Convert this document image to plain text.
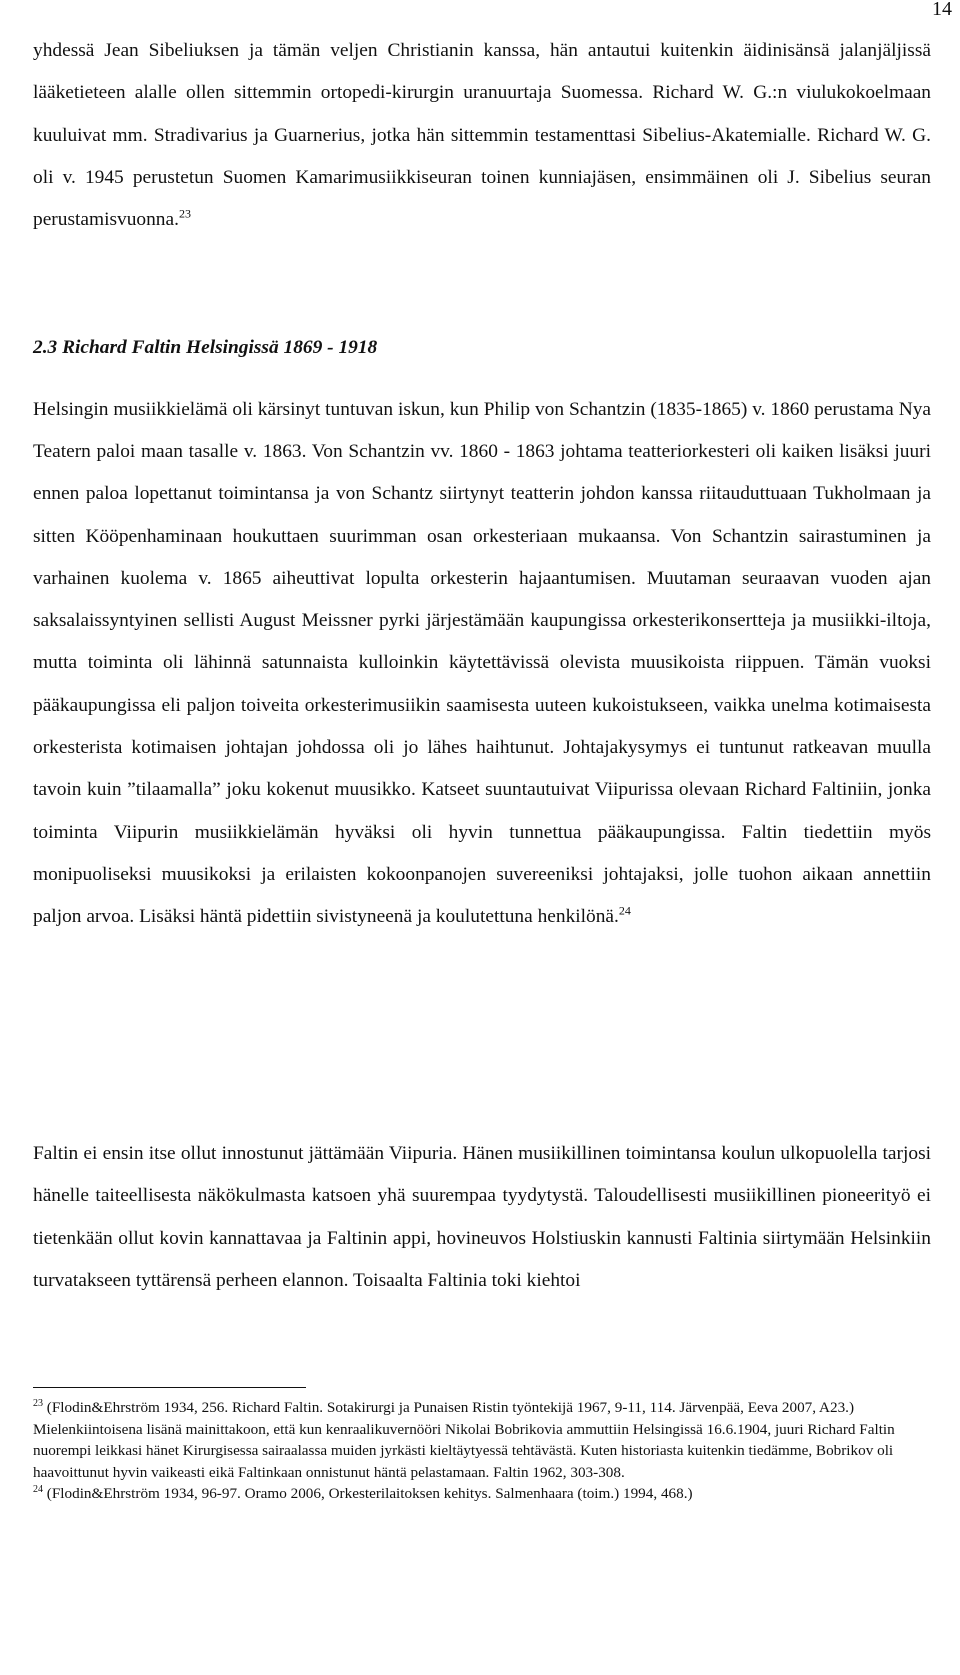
14

yhdessä Jean Sibeliuksen ja tämän veljen Christianin kanssa, hän antautui kuitenkin äidinisänsä jalanjäljissä lääketieteen alalle ollen sittemmin ortopedi-kirurgin uranuurtaja Suomessa. Richard W. G.:n viulukokoelmaan kuuluivat mm. Stradivarius ja Guarnerius, jotka hän sittemmin testamenttasi Sibelius-Akatemialle. Richard W. G. oli v. 1945 perustetun Suomen Kamarimusiikkiseuran toinen kunniajäsen, ensimmäinen oli J. Sibelius seuran perustamisvuonna.$^{23}$

2.3 Richard Faltin Helsingissä 1869 - 1918

Helsingin musiikkielämä oli kärsinyt tuntuvan iskun, kun Philip von Schantzin (1835-1865) v. 1860 perustama Nya Teatern paloi maan tasalle v. 1863. Von Schantzin vv. 1860 - 1863 johtama teatteriorkesteri oli kaiken lisäksi juuri ennen paloa lopettanut toimintansa ja von Schantz siirtynyt teatterin johdon kanssa riitauduttuaan Tukholmaan ja sitten Kööpenhaminaan houkuttaen suurimman osan orkesteriaan mukaansa. Von Schantzin sairastuminen ja varhainen kuolema v. 1865 aiheuttivat lopulta orkesterin hajaantumisen. Muutaman seuraavan vuoden ajan saksalaissyntyinen sellisti August Meissner pyrki järjestämään kaupungissa orkesterikonsertteja ja musiikki-iltoja, mutta toiminta oli lähinnä satunnaista kulloinkin käytettävissä olevista muusikoista riippuen. Tämän vuoksi pääkaupungissa eli paljon toiveita orkesterimusiikin saamisesta uuteen kukoistukseen, vaikka unelma kotimaisesta orkesterista kotimaisen johtajan johdossa oli jo lähes haihtunut. Johtajakysymys ei tuntunut ratkeavan muulla tavoin kuin ”tilaamalla” joku kokenut muusikko. Katseet suuntautuivat Viipurissa olevaan Richard Faltiniin, jonka toiminta Viipurin musiikkielämän hyväksi oli hyvin tunnettua pääkaupungissa. Faltin tiedettiin myös monipuoliseksi muusikoksi ja erilaisten kokoonpanojen suvereeniksi johtajaksi, jolle tuohon aikaan annettiin paljon arvoa. Lisäksi häntä pidettiin sivistyneenä ja koulutettuna henkilönä.$^{24}$

Faltin ei ensin itse ollut innostunut jättämään Viipuria. Hänen musiikillinen toimintansa koulun ulkopuolella tarjosi hänelle taiteellisesta näkökulmasta katsoen yhä suurempaa tyydytystä. Taloudellisesti musiikillinen pioneerityö ei tietenkään ollut kovin kannattavaa ja Faltinin appi, hovineuvos Holstiuskin kannusti Faltinia siirtymään Helsinkiin turvatakseen tyttärensä perheen elannon. Toisaalta Faltinia toki kiehtoi

$^{23}$ (Flodin&Ehrström 1934, 256. Richard Faltin. Sotakirurgi ja Punaisen Ristin työntekijä 1967, 9-11, 114. Järvenpää, Eeva 2007, A23.) Mielenkiintoisena lisänä mainittakoon, että kun kenraalikuvernööri Nikolai Bobrikovia ammuttiin Helsingissä 16.6.1904, juuri Richard Faltin nuorempi leikkasi hänet Kirurgisessa sairaalassa muiden jyrkästi kieltäytyessä tehtävästä. Kuten historiasta kuitenkin tiedämme, Bobrikov oli haavoittunut hyvin vaikeasti eikä Faltinkaan onnistunut häntä pelastamaan. Faltin 1962, 303-308.

$^{24}$ (Flodin&Ehrström 1934, 96-97. Oramo 2006, Orkesterilaitoksen kehitys. Salmenhaara (toim.) 1994, 468.)
